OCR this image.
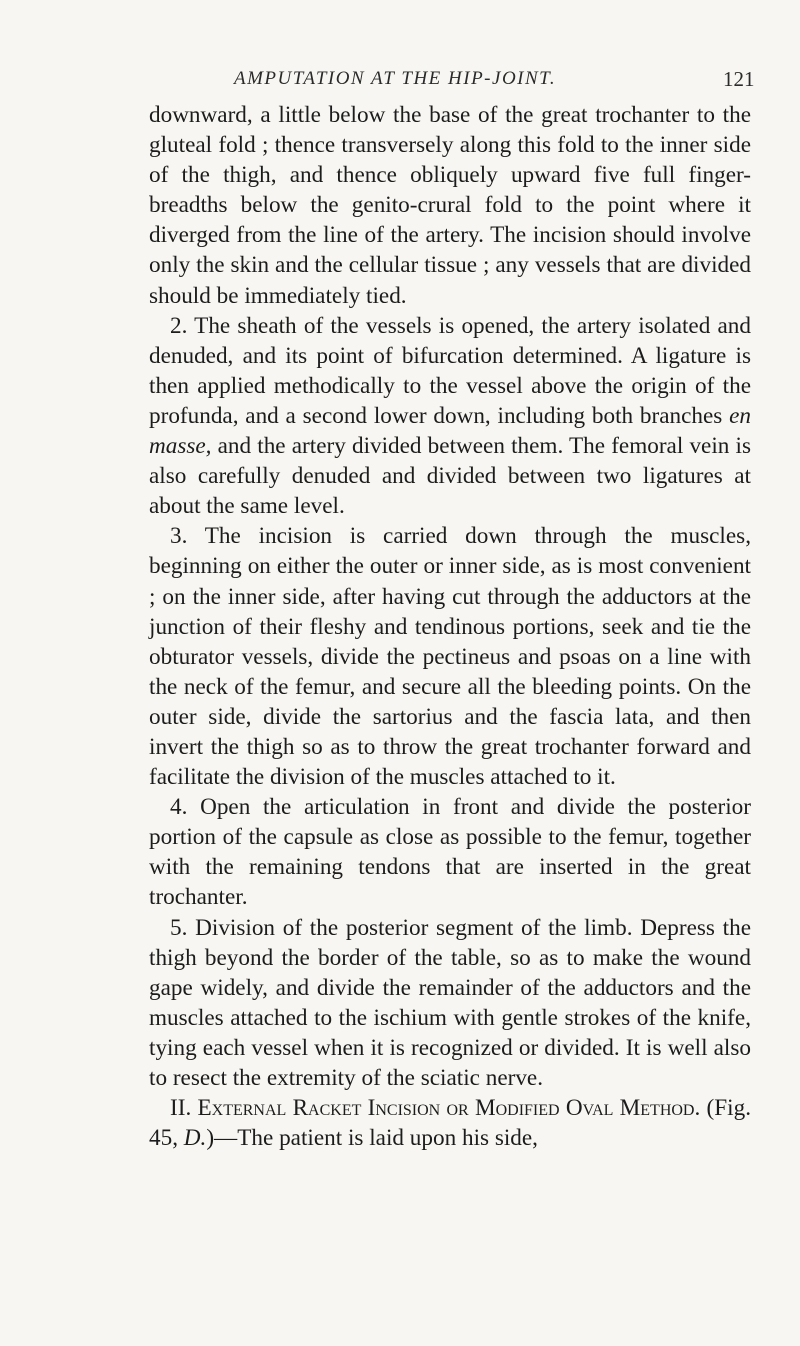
AMPUTATION AT THE HIP-JOINT.	121

downward, a little below the base of the great trochanter to the gluteal fold ; thence transversely along this fold to the inner side of the thigh, and thence obliquely upward five full finger-breadths below the genito-crural fold to the point where it diverged from the line of the artery. The incision should involve only the skin and the cellular tissue ; any vessels that are divided should be immediately tied.

2. The sheath of the vessels is opened, the artery isolated and denuded, and its point of bifurcation determined. A ligature is then applied methodically to the vessel above the origin of the profunda, and a second lower down, including both branches en masse, and the artery divided between them. The femoral vein is also carefully denuded and divided between two ligatures at about the same level.

3. The incision is carried down through the muscles, beginning on either the outer or inner side, as is most convenient ; on the inner side, after having cut through the adductors at the junction of their fleshy and tendinous portions, seek and tie the obturator vessels, divide the pectineus and psoas on a line with the neck of the femur, and secure all the bleeding points. On the outer side, divide the sartorius and the fascia lata, and then invert the thigh so as to throw the great trochanter forward and facilitate the division of the muscles attached to it.

4. Open the articulation in front and divide the posterior portion of the capsule as close as possible to the femur, together with the remaining tendons that are inserted in the great trochanter.

5. Division of the posterior segment of the limb. Depress the thigh beyond the border of the table, so as to make the wound gape widely, and divide the remainder of the adductors and the muscles attached to the ischium with gentle strokes of the knife, tying each vessel when it is recognized or divided. It is well also to resect the extremity of the sciatic nerve.

II. External Racket Incision or Modified Oval Method. (Fig. 45, D.)—The patient is laid upon his side,
